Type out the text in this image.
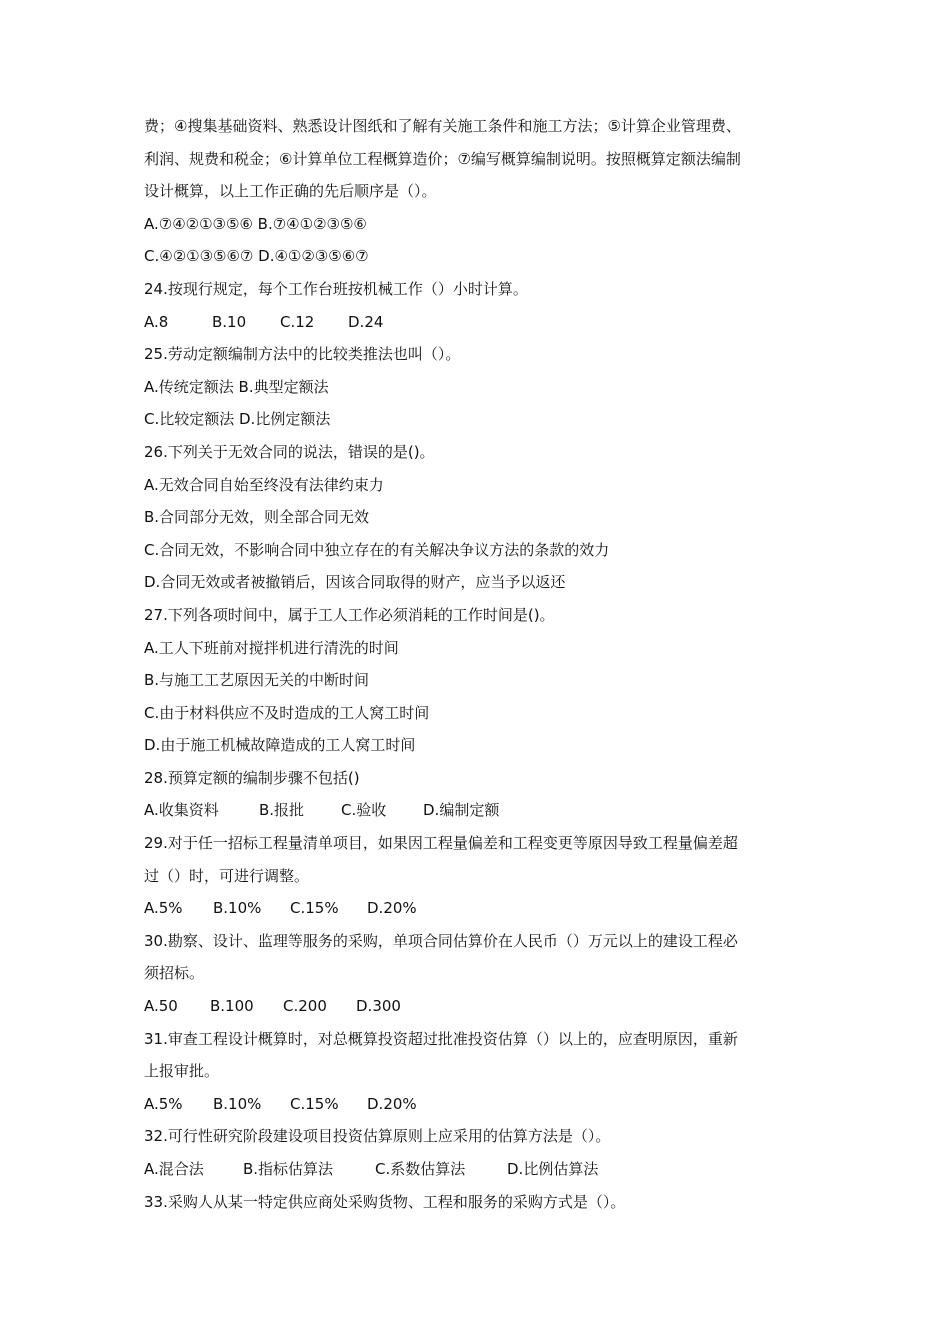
费；④搜集基础资料、熟悉设计图纸和了解有关施工条件和施工方法；⑤计算企业管理费、
利润、规费和税金；⑥计算单位工程概算造价；⑦编写概算编制说明。按照概算定额法编制
设计概算，以上工作正确的先后顺序是（）。
A.⑦④②①③⑤⑥ B.⑦④①②③⑤⑥
C.④②①③⑤⑥⑦ D.④①②③⑤⑥⑦
24.按现行规定，每个工作台班按机械工作（）小时计算。
A.8	B.10	C.12	D.24
25.劳动定额编制方法中的比较类推法也叫（）。
A.传统定额法 B.典型定额法
C.比较定额法 D.比例定额法
26.下列关于无效合同的说法，错误的是()。
A.无效合同自始至终没有法律约束力
B.合同部分无效，则全部合同无效
C.合同无效，不影响合同中独立存在的有关解决争议方法的条款的效力
D.合同无效或者被撤销后，因该合同取得的财产，应当予以返还
27.下列各项时间中，属于工人工作必须消耗的工作时间是()。
A.工人下班前对搅拌机进行清洗的时间
B.与施工工艺原因无关的中断时间
C.由于材料供应不及时造成的工人窝工时间
D.由于施工机械故障造成的工人窝工时间
28.预算定额的编制步骤不包括()
A.收集资料	B.报批	C.验收	D.编制定额
29.对于任一招标工程量清单项目，如果因工程量偏差和工程变更等原因导致工程量偏差超
过（）时，可进行调整。
A.5%	B.10%	C.15%	D.20%
30.勘察、设计、监理等服务的采购，单项合同估算价在人民币（）万元以上的建设工程必
须招标。
A.50	B.100	C.200	D.300
31.审查工程设计概算时，对总概算投资超过批准投资估算（）以上的，应查明原因，重新
上报审批。
A.5%	B.10%	C.15%	D.20%
32.可行性研究阶段建设项目投资估算原则上应采用的估算方法是（）。
A.混合法	B.指标估算法	C.系数估算法	D.比例估算法
33.采购人从某一特定供应商处采购货物、工程和服务的采购方式是（）。
